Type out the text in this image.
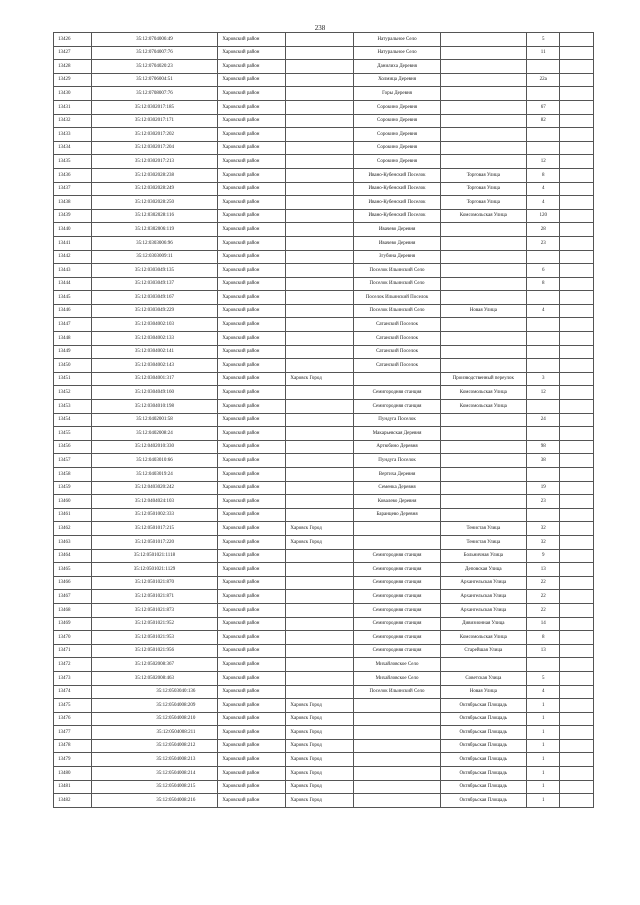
238
13426	35:12:0704006:49	Харовский район		Натуральное Село		5	
13427	35:12:0704007:76	Харовский район		Натуральное Село		11	
13428	35:12:0704020:23	Харовский район		Данилиха Деревня			
13429	35:12:0706004:51	Харовский район		Холмица Деревня		22а	
13430	35:12:0708007:76	Харовский район		Горы Деревня			
13431	35:12:0302017:185	Харовский район		Сорокино Деревня		67	
13432	35:12:0302017:171	Харовский район		Сорокино Деревня		82	
13433	35:12:0302017:202	Харовский район		Сорокино Деревня			
13434	35:12:0302017:204	Харовский район		Сорокино Деревня			
13435	35:12:0302017:213	Харовский район		Сорокино Деревня		12	
13436	35:12:0302028:238	Харовский район		Ивано-Кубенский Поселок	Торговая Улица	8	
13437	35:12:0302028:249	Харовский район		Ивано-Кубенский Поселок	Торговая Улица	4	
13438	35:12:0302028:250	Харовский район		Ивано-Кубенский Поселок	Торговая Улица	4	
13439	35:12:0302028:116	Харовский район		Ивано-Кубенский Поселок	Комсомольская Улица	120	
13440	35:12:0302006:119	Харовский район		Ивачево Деревня		28	
13441	35:12:0303006:96	Харовский район		Ивачево Деревня		23	
13442	35:12:0303009:11	Харовский район		Згубина Деревня			
13443	35:12:0303049:135	Харовский район		Поселок Ильинский Село		6	
13444	35:12:0303049:137	Харовский район		Поселок Ильинский Село		8	
13445	35:12:0303049:167	Харовский район		Поселок Ильинский Поселок			
13446	35:12:0303049:229	Харовский район		Поселок Ильинский Село	Новая Улица	4	
13447	35:12:0304002:103	Харовский район		Сатанский Поселок			
13448	35:12:0304002:133	Харовский район		Сатанский Поселок			
13449	35:12:0304002:141	Харовский район		Сатанский Поселок			
13450	35:12:0304002:143	Харовский район		Сатанский Поселок			
13451	35:12:0304001:317	Харовский район	Харовск Город		Производственный переулок	3	
13452	35:12:0304049:160	Харовский район		Семигородняя станция	Комсомольская Улица	12	
13453	35:12:0304010:198	Харовский район		Семигородняя станция	Комсомольская Улица		
13454	35:12:0402001:58	Харовский район		Пундуга Поселок		24	
13455	35:12:0402008:24	Харовский район		Макарьевская Деревня			
13456	35:12:0402010:330	Харовский район		Артюбино Деревня		98	
13457	35:12:0403010:66	Харовский район		Пундуга Поселок		38	
13458	35:12:0403019:24	Харовский район		Вертиха Деревня			
13459	35:12:0403020:242	Харовский район		Семенка Деревня		19	
13460	35:12:0404024:103	Харовский район		Ковалево Деревня		23	
13461	35:12:0501002:333	Харовский район		Баранцево Деревня			
13462	35:12:0501017:215	Харовский район	Харовск Город		Тенистая Улица	32	
13463	35:12:0501017:220	Харовский район	Харовск Город		Тенистая Улица	32	
13464	35:12:0501021:1118	Харовский район		Семигородняя станция	Больничная Улица	9	
13465	35:12:0501021:1129	Харовский район		Семигородняя станция	Деповская Улица	13	
13466	35:12:0501021:870	Харовский район		Семигородняя станция	Архангельская Улица	22	
13467	35:12:0501021:871	Харовский район		Семигородняя станция	Архангельская Улица	22	
13468	35:12:0501021:873	Харовский район		Семигородняя станция	Архангельская Улица	22	
13469	35:12:0501021:952	Харовский район		Семигородняя станция	Дивизионная Улица	14	
13470	35:12:0501021:953	Харовский район		Семигородняя станция	Комсомольская Улица	8	
13471	35:12:0501021:956	Харовский район		Семигородняя станция	Старейшая Улица	13	
13472	35:12:0502008:367	Харовский район		Михайловское Село			
13473	35:12:0502008:463	Харовский район		Михайловское Село	Советская Улица	5	
13474	35:12:0503040:136	Харовский район		Поселок Ильинский Село	Новая Улица	4	
13475	35:12:0504008:209	Харовский район	Харовск Город		Октябрьская Площадь	1	
13476	35:12:0504008:210	Харовский район	Харовск Город		Октябрьская Площадь	1	
13477	35:12:0504008:211	Харовский район	Харовск Город		Октябрьская Площадь	1	
13478	35:12:0504008:212	Харовский район	Харовск Город		Октябрьская Площадь	1	
13479	35:12:0504008:213	Харовский район	Харовск Город		Октябрьская Площадь	1	
13480	35:12:0504008:214	Харовский район	Харовск Город		Октябрьская Площадь	1	
13481	35:12:0504008:215	Харовский район	Харовск Город		Октябрьская Площадь	1	
13482	35:12:0504008:216	Харовский район	Харовск Город		Октябрьская Площадь	1	
